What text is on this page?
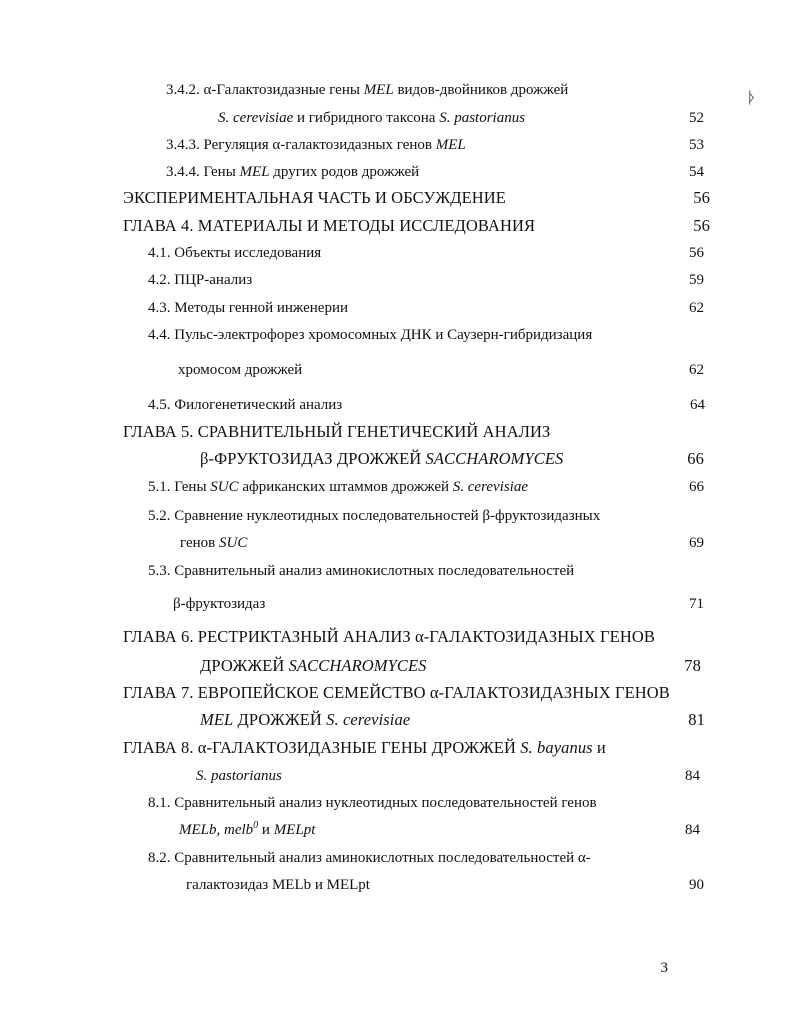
3.4.2. α-Галактозидазные гены MEL видов-двойников дрожжей
S. cerevisiae и гибридного таксона S. pastorianus	52
3.4.3. Регуляция α-галактозидазных генов MEL	53
3.4.4. Гены MEL других родов дрожжей	54
ЭКСПЕРИМЕНТАЛЬНАЯ ЧАСТЬ И ОБСУЖДЕНИЕ	56
ГЛАВА 4. МАТЕРИАЛЫ И МЕТОДЫ ИССЛЕДОВАНИЯ	56
4.1. Объекты исследования	56
4.2. ПЦР-анализ	59
4.3. Методы генной инженерии	62
4.4. Пульс-электрофорез хромосомных ДНК и Саузерн-гибридизация
хромосом дрожжей	62
4.5. Филогенетический анализ	64
ГЛАВА 5. СРАВНИТЕЛЬНЫЙ ГЕНЕТИЧЕСКИЙ АНАЛИЗ
β-ФРУКТОЗИДАЗ ДРОЖЖЕЙ SACCHAROMYCES	66
5.1. Гены SUC африканских штаммов дрожжей S. cerevisiae	66
5.2. Сравнение нуклеотидных последовательностей β-фруктозидазных
генов SUC	69
5.3. Сравнительный анализ аминокислотных последовательностей
β-фруктозидаз	71
ГЛАВА 6. РЕСТРИКТАЗНЫЙ АНАЛИЗ α-ГАЛАКТОЗИДАЗНЫХ ГЕНОВ
ДРОЖЖЕЙ SACCHAROMYCES	78
ГЛАВА 7. ЕВРОПЕЙСКОЕ СЕМЕЙСТВО α-ГАЛАКТОЗИДАЗНЫХ ГЕНОВ
MEL ДРОЖЖЕЙ S. cerevisiae	81
ГЛАВА 8. α-ГАЛАКТОЗИДАЗНЫЕ ГЕНЫ ДРОЖЖЕЙ S. bayanus и
S. pastorianus	84
8.1. Сравнительный анализ нуклеотидных последовательностей генов
MELb, melb$^0$ и MELpt	84
8.2. Сравнительный анализ аминокислотных последовательностей α-
галактозидаз MELb и MELpt	90
ᚦ
3
